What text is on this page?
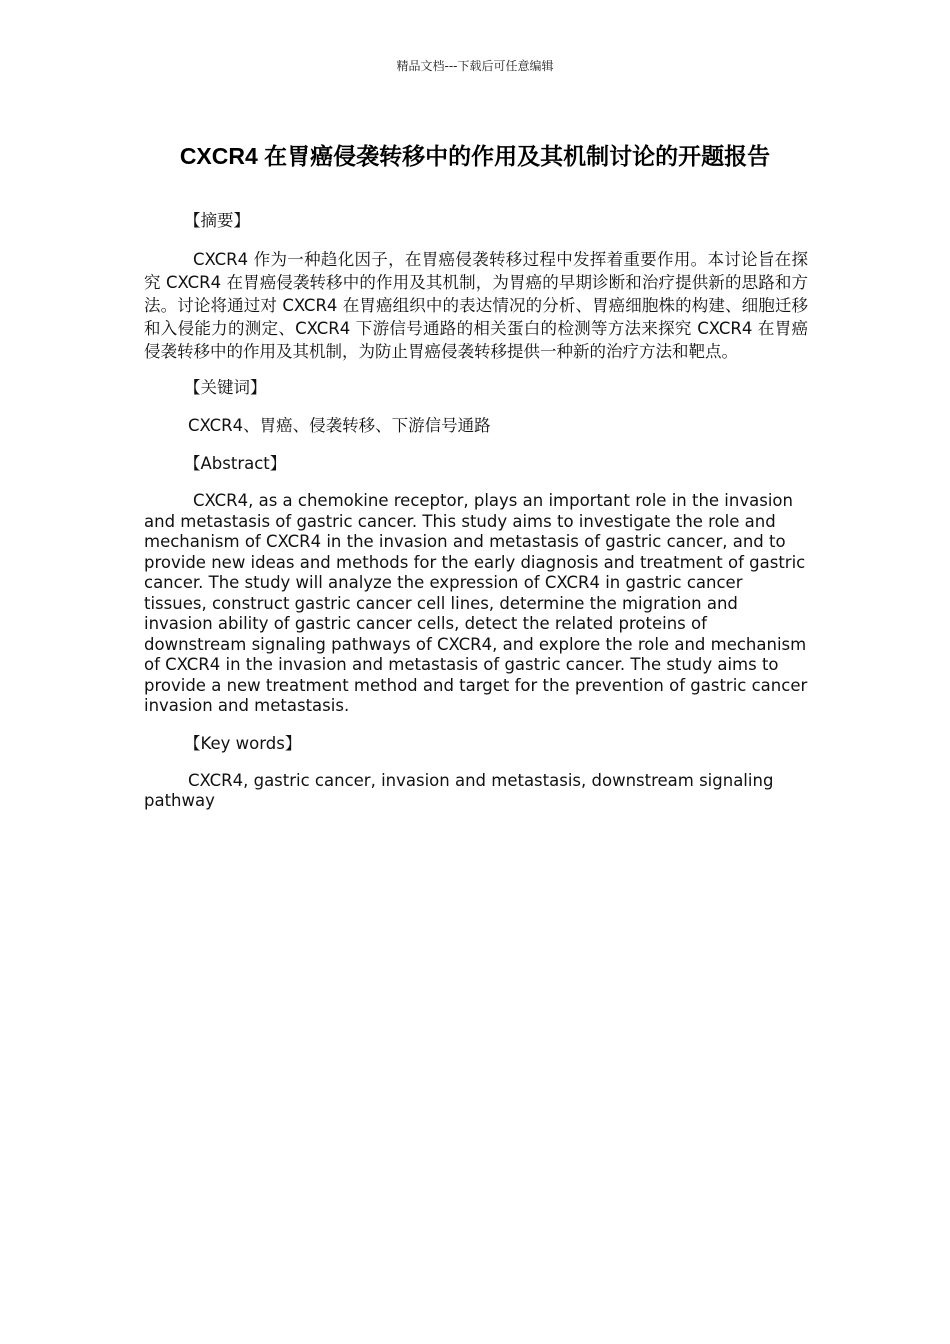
精品文档---下载后可任意编辑
CXCR4 在胃癌侵袭转移中的作用及其机制讨论的开题报告
【摘要】

CXCR4 作为一种趋化因子，在胃癌侵袭转移过程中发挥着重要作用。本讨论旨在探究 CXCR4 在胃癌侵袭转移中的作用及其机制，为胃癌的早期诊断和治疗提供新的思路和方法。讨论将通过对 CXCR4 在胃癌组织中的表达情况的分析、胃癌细胞株的构建、细胞迁移和入侵能力的测定、CXCR4 下游信号通路的相关蛋白的检测等方法来探究 CXCR4 在胃癌侵袭转移中的作用及其机制，为防止胃癌侵袭转移提供一种新的治疗方法和靶点。

【关键词】
CXCR4、胃癌、侵袭转移、下游信号通路
【Abstract】

CXCR4, as a chemokine receptor, plays an important role in the invasion and metastasis of gastric cancer. This study aims to investigate the role and mechanism of CXCR4 in the invasion and metastasis of gastric cancer, and to provide new ideas and methods for the early diagnosis and treatment of gastric cancer. The study will analyze the expression of CXCR4 in gastric cancer tissues, construct gastric cancer cell lines, determine the migration and invasion ability of gastric cancer cells, detect the related proteins of downstream signaling pathways of CXCR4, and explore the role and mechanism of CXCR4 in the invasion and metastasis of gastric cancer. The study aims to provide a new treatment method and target for the prevention of gastric cancer invasion and metastasis.

【Key words】

CXCR4, gastric cancer, invasion and metastasis, downstream signaling pathway
